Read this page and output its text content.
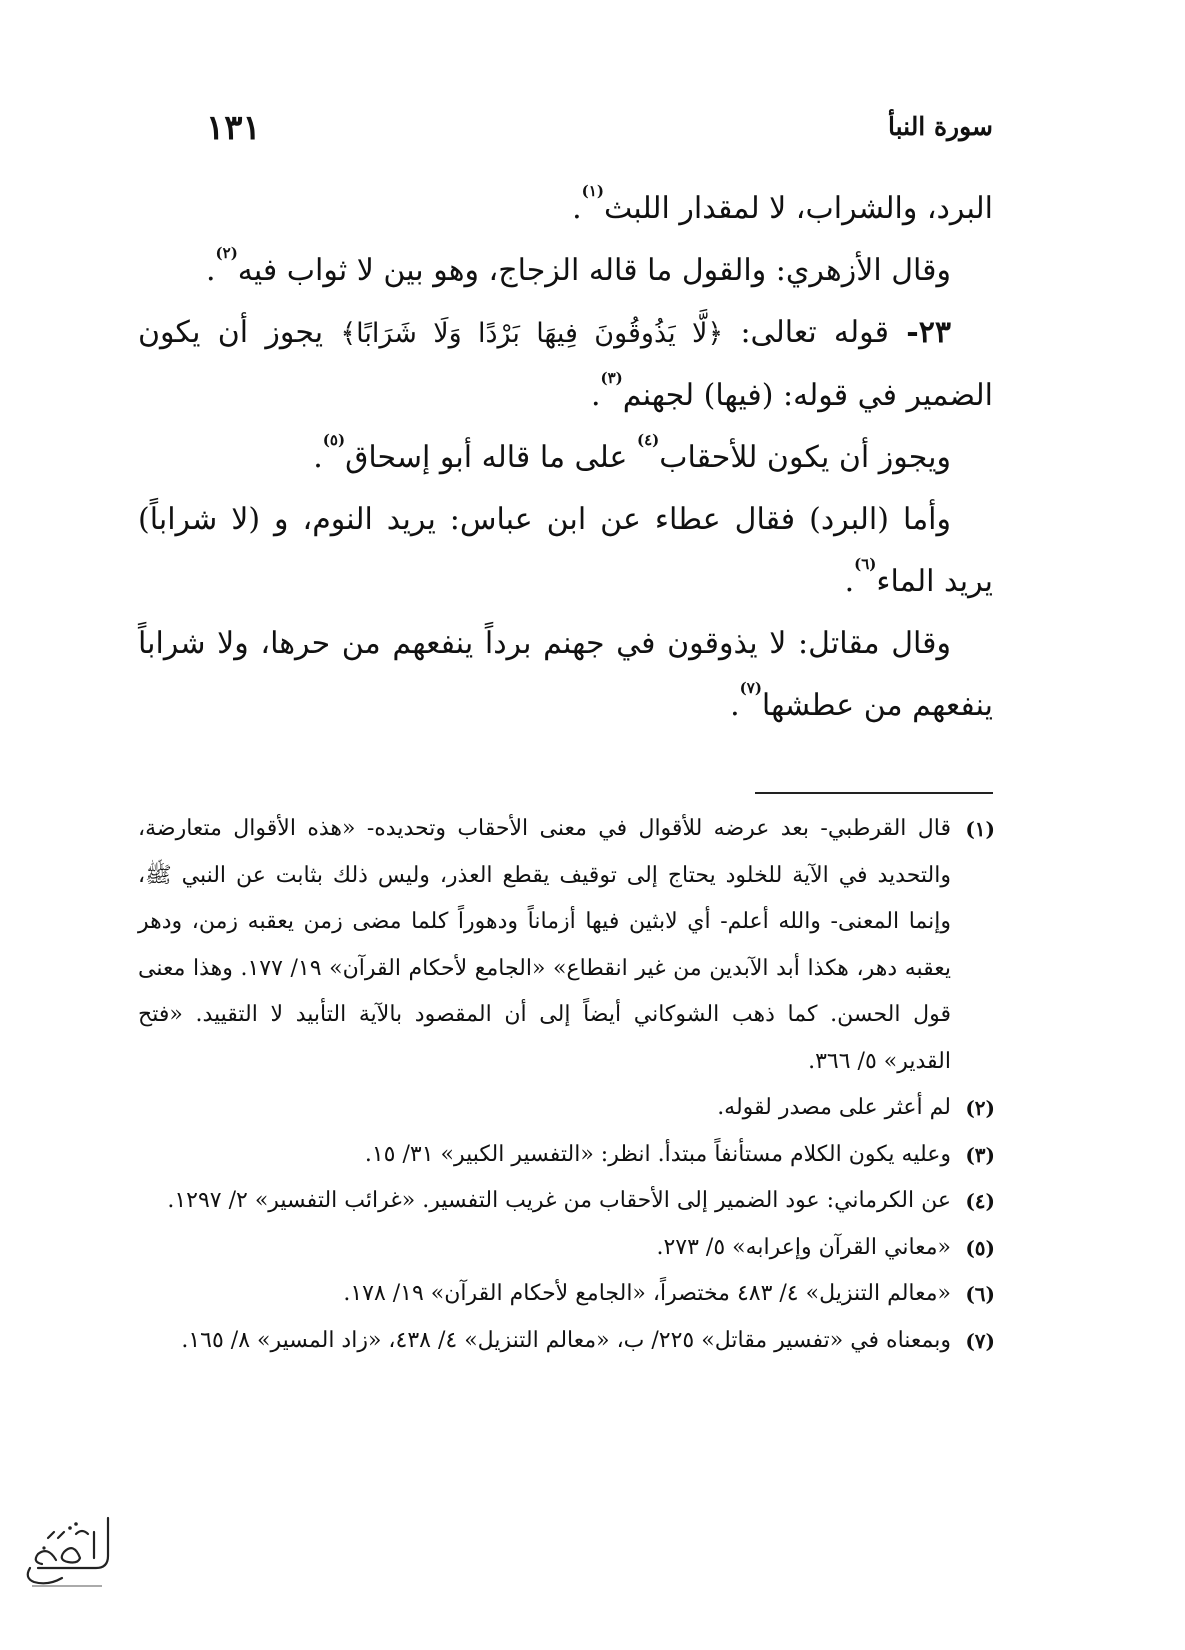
١٣١	سورة النبأ

البرد، والشراب، لا لمقدار اللبث$^{(١)}$.

وقال الأزهري: والقول ما قاله الزجاج، وهو بين لا ثواب فيه$^{(٢)}$.

٢٣- قوله تعالى: ﴿لَّا يَذُوقُونَ فِيهَا بَرْدًا وَلَا شَرَابًا﴾ يجوز أن يكون الضمير في قوله: (فيها) لجهنم$^{(٣)}$.

ويجوز أن يكون للأحقاب$^{(٤)}$ على ما قاله أبو إسحاق$^{(٥)}$.

وأما (البرد) فقال عطاء عن ابن عباس: يريد النوم، و (لا شراباً) يريد الماء$^{(٦)}$.

وقال مقاتل: لا يذوقون في جهنم برداً ينفعهم من حرها، ولا شراباً ينفعهم من عطشها$^{(٧)}$.

(١)
قال القرطبي- بعد عرضه للأقوال في معنى الأحقاب وتحديده- «هذه الأقوال متعارضة، والتحديد في الآية للخلود يحتاج إلى توقيف يقطع العذر، وليس ذلك بثابت عن النبي ﷺ، وإنما المعنى- والله أعلم- أي لابثين فيها أزماناً ودهوراً كلما مضى زمن يعقبه زمن، ودهر يعقبه دهر، هكذا أبد الآبدين من غير انقطاع» «الجامع لأحكام القرآن» ١٩/ ١٧٧. وهذا معنى قول الحسن. كما ذهب الشوكاني أيضاً إلى أن المقصود بالآية التأبيد لا التقييد. «فتح القدير» ٥/ ٣٦٦.
(٢)
لم أعثر على مصدر لقوله.
(٣)
وعليه يكون الكلام مستأنفاً مبتدأ. انظر: «التفسير الكبير» ٣١/ ١٥.
(٤)
عن الكرماني: عود الضمير إلى الأحقاب من غريب التفسير. «غرائب التفسير» ٢/ ١٢٩٧.
(٥)
«معاني القرآن وإعرابه» ٥/ ٢٧٣.
(٦)
«معالم التنزيل» ٤/ ٤٨٣ مختصراً، «الجامع لأحكام القرآن» ١٩/ ١٧٨.
(٧)
وبمعناه في «تفسير مقاتل» ٢٢٥/ ب، «معالم التنزيل» ٤/ ٤٣٨، «زاد المسير» ٨/ ١٦٥.
